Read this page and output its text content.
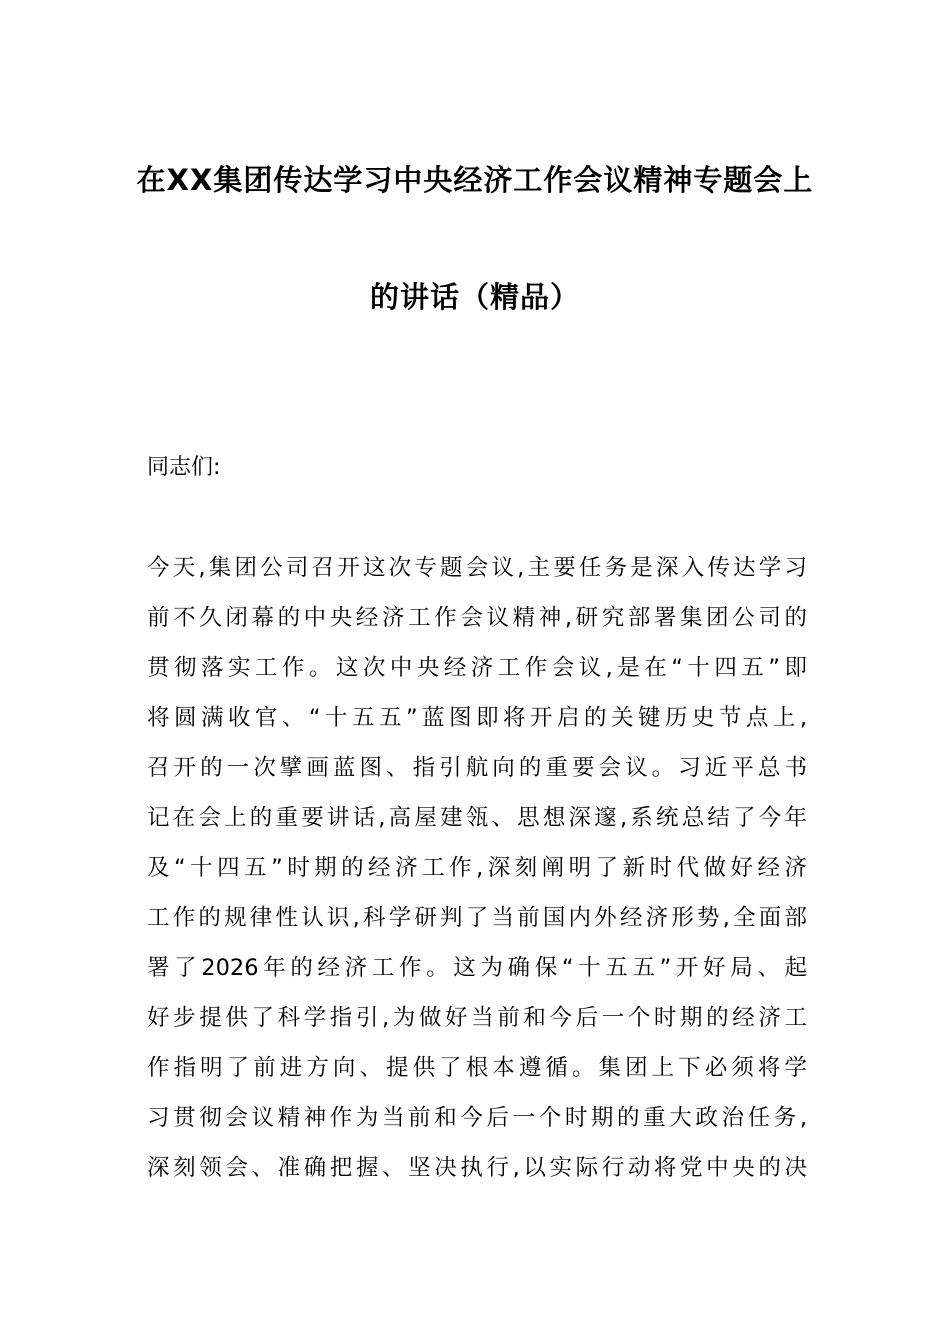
在XX集团传达学习中央经济工作会议精神专题会上
的讲话（精品）
同志们:
今天,集团公司召开这次专题会议,主要任务是深入传达学习
前不久闭幕的中央经济工作会议精神,研究部署集团公司的
贯彻落实工作。这次中央经济工作会议,是在“十四五”即
将圆满收官、“十五五”蓝图即将开启的关键历史节点上,
召开的一次擘画蓝图、指引航向的重要会议。习近平总书
记在会上的重要讲话,高屋建瓴、思想深邃,系统总结了今年
及“十四五”时期的经济工作,深刻阐明了新时代做好经济
工作的规律性认识,科学研判了当前国内外经济形势,全面部
署了2026年的经济工作。这为确保“十五五”开好局、起
好步提供了科学指引,为做好当前和今后一个时期的经济工
作指明了前进方向、提供了根本遵循。集团上下必须将学
习贯彻会议精神作为当前和今后一个时期的重大政治任务,
深刻领会、准确把握、坚决执行,以实际行动将党中央的决
